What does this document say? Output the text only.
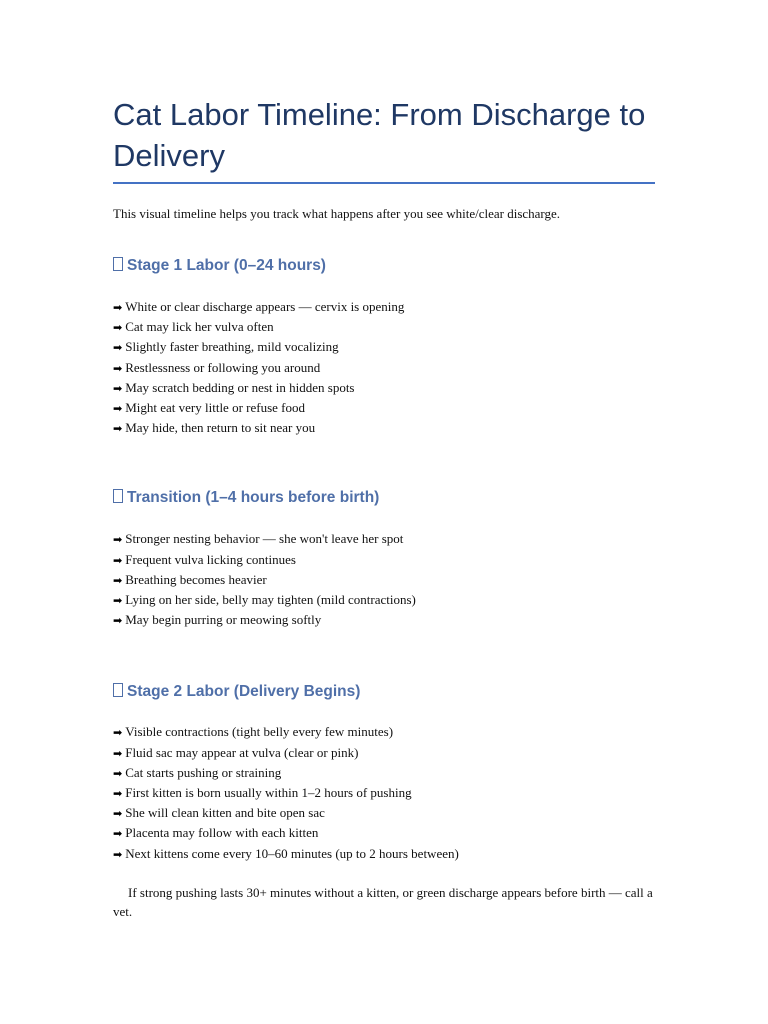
Cat Labor Timeline: From Discharge to Delivery

This visual timeline helps you track what happens after you see white/clear discharge.

Stage 1 Labor (0–24 hours)
➡ White or clear discharge appears — cervix is opening
➡ Cat may lick her vulva often
➡ Slightly faster breathing, mild vocalizing
➡ Restlessness or following you around
➡ May scratch bedding or nest in hidden spots
➡ Might eat very little or refuse food
➡ May hide, then return to sit near you
Transition (1–4 hours before birth)
➡ Stronger nesting behavior — she won't leave her spot
➡ Frequent vulva licking continues
➡ Breathing becomes heavier
➡ Lying on her side, belly may tighten (mild contractions)
➡ May begin purring or meowing softly
Stage 2 Labor (Delivery Begins)
➡ Visible contractions (tight belly every few minutes)
➡ Fluid sac may appear at vulva (clear or pink)
➡ Cat starts pushing or straining
➡ First kitten is born usually within 1–2 hours of pushing
➡ She will clean kitten and bite open sac
➡ Placenta may follow with each kitten
➡ Next kittens come every 10–60 minutes (up to 2 hours between)

If strong pushing lasts 30+ minutes without a kitten, or green discharge appears before birth — call a vet.
